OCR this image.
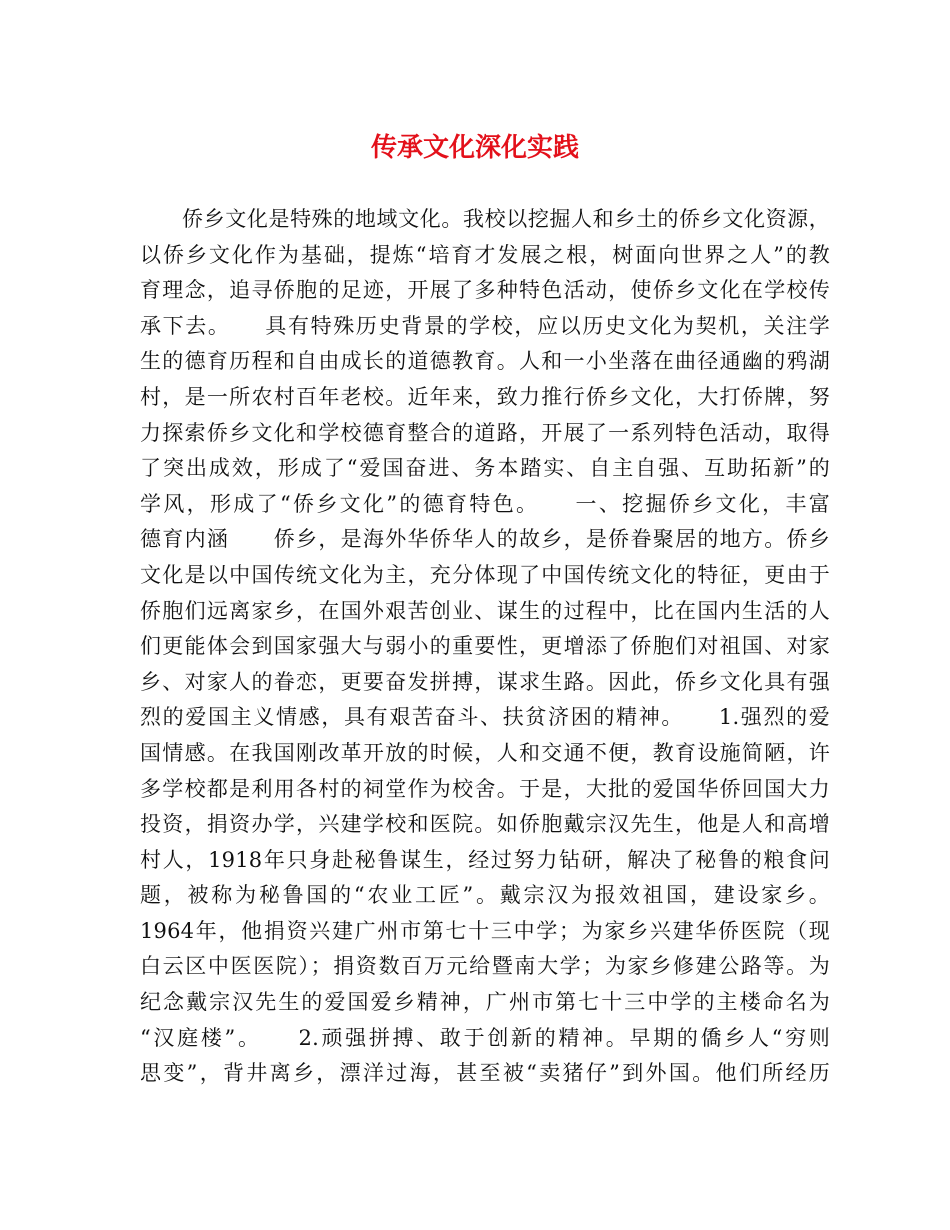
传承文化深化实践
侨乡文化是特殊的地域文化。我校以挖掘人和乡土的侨乡文化资源，
以侨乡文化作为基础，提炼“培育才发展之根，树面向世界之人”的教
育理念，追寻侨胞的足迹，开展了多种特色活动，使侨乡文化在学校传
承下去。　　具有特殊历史背景的学校，应以历史文化为契机，关注学
生的德育历程和自由成长的道德教育。人和一小坐落在曲径通幽的鸦湖
村，是一所农村百年老校。近年来，致力推行侨乡文化，大打侨牌，努
力探索侨乡文化和学校德育整合的道路，开展了一系列特色活动，取得
了突出成效，形成了“爱国奋进、务本踏实、自主自强、互助拓新”的
学风，形成了“侨乡文化”的德育特色。　　一、挖掘侨乡文化，丰富
德育内涵　　侨乡，是海外华侨华人的故乡，是侨眷聚居的地方。侨乡
文化是以中国传统文化为主，充分体现了中国传统文化的特征，更由于
侨胞们远离家乡，在国外艰苦创业、谋生的过程中，比在国内生活的人
们更能体会到国家强大与弱小的重要性，更增添了侨胞们对祖国、对家
乡、对家人的眷恋，更要奋发拼搏，谋求生路。因此，侨乡文化具有强
烈的爱国主义情感，具有艰苦奋斗、扶贫济困的精神。　　1.强烈的爱
国情感。在我国刚改革开放的时候，人和交通不便，教育设施简陋，许
多学校都是利用各村的祠堂作为校舍。于是，大批的爱国华侨回国大力
投资，捐资办学，兴建学校和医院。如侨胞戴宗汉先生，他是人和高增
村人，1918年只身赴秘鲁谋生，经过努力钻研，解决了秘鲁的粮食问
题，被称为秘鲁国的“农业工匠”。戴宗汉为报效祖国，建设家乡。
1964年，他捐资兴建广州市第七十三中学；为家乡兴建华侨医院（现
白云区中医医院）；捐资数百万元给暨南大学；为家乡修建公路等。为
纪念戴宗汉先生的爱国爱乡精神，广州市第七十三中学的主楼命名为
“汉庭楼”。　　2.顽强拼搏、敢于创新的精神。早期的僑乡人“穷则
思变”，背井离乡，漂洋过海，甚至被“卖猪仔”到外国。他们所经历
